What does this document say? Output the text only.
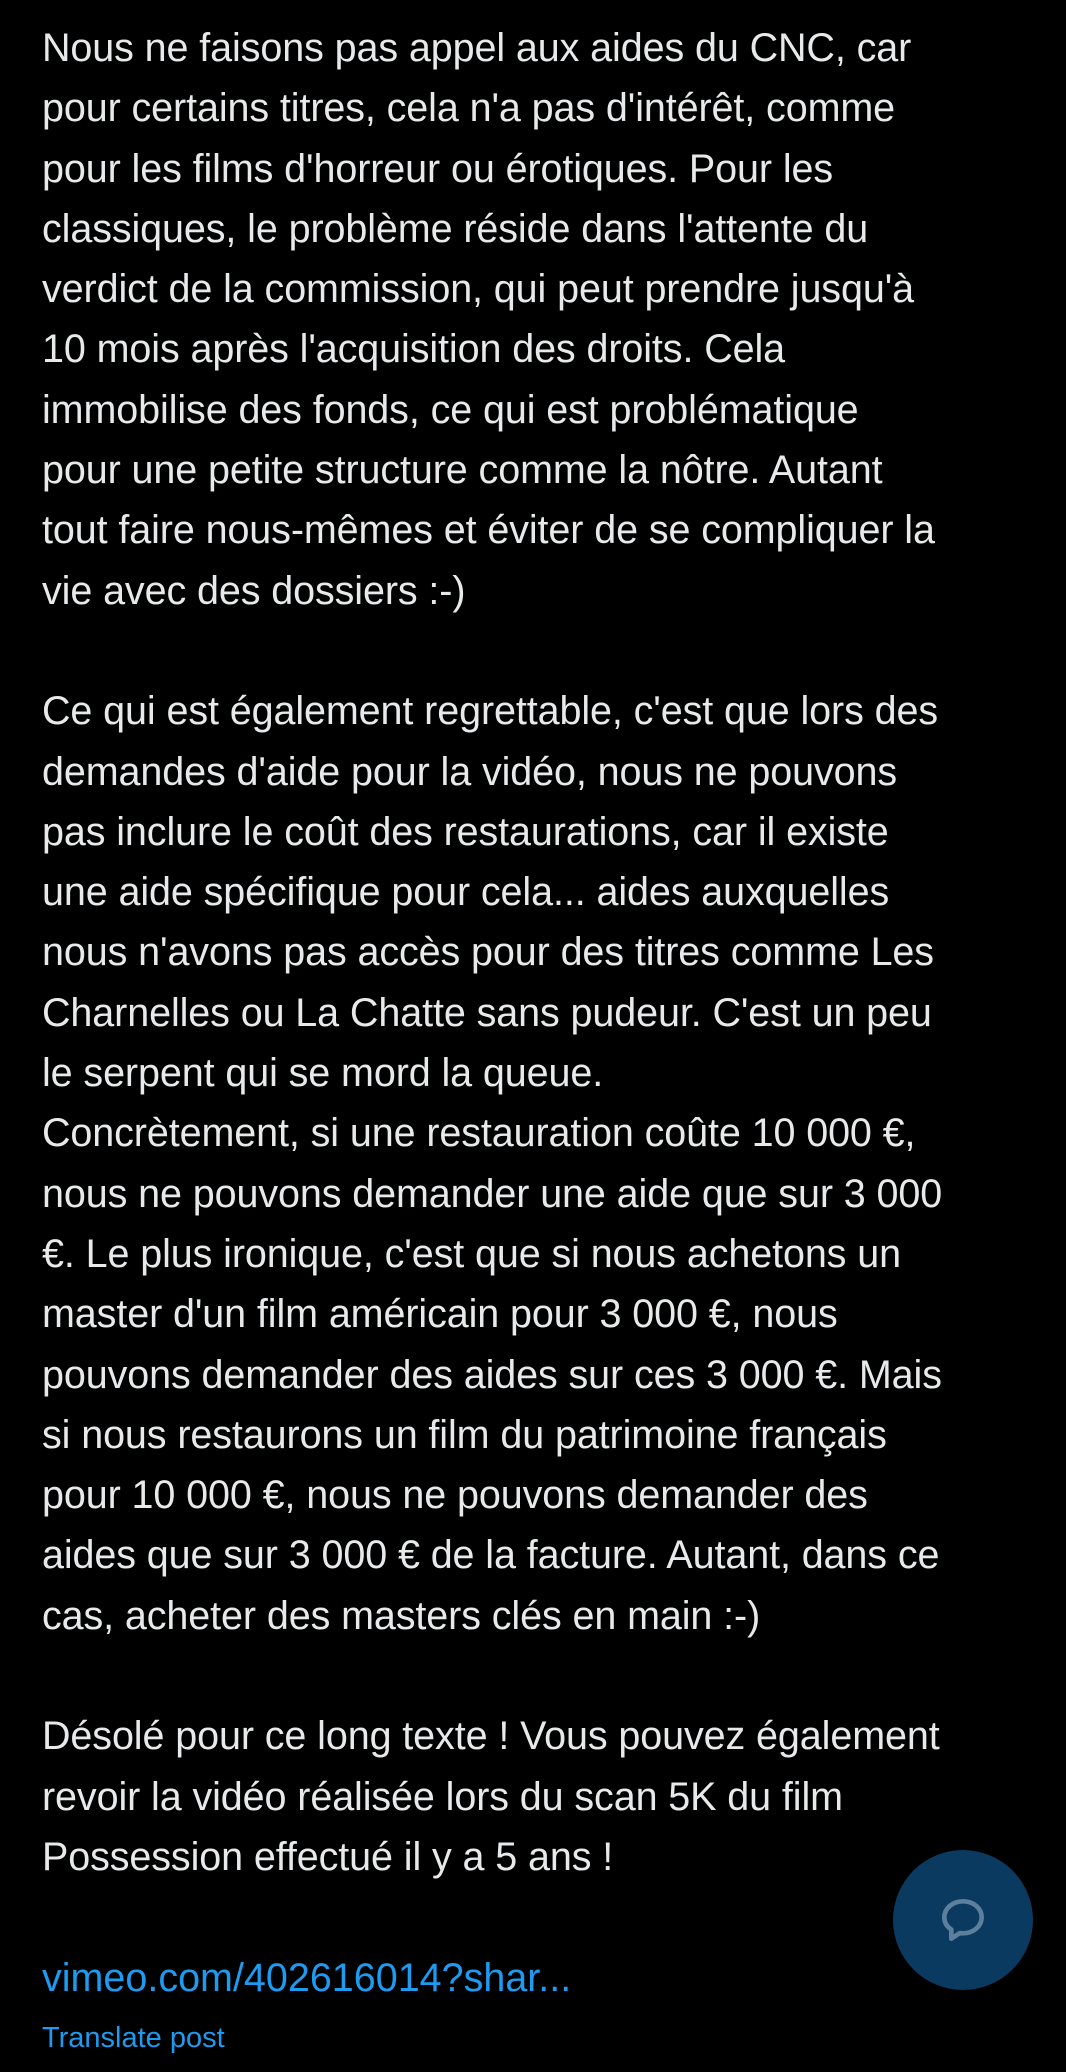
Nous ne faisons pas appel aux aides du CNC, car
pour certains titres, cela n'a pas d'intérêt, comme
pour les films d'horreur ou érotiques. Pour les
classiques, le problème réside dans l'attente du
verdict de la commission, qui peut prendre jusqu'à
10 mois après l'acquisition des droits. Cela
immobilise des fonds, ce qui est problématique
pour une petite structure comme la nôtre. Autant
tout faire nous-mêmes et éviter de se compliquer la
vie avec des dossiers :-)
Ce qui est également regrettable, c'est que lors des
demandes d'aide pour la vidéo, nous ne pouvons
pas inclure le coût des restaurations, car il existe
une aide spécifique pour cela... aides auxquelles
nous n'avons pas accès pour des titres comme Les
Charnelles ou La Chatte sans pudeur. C'est un peu
le serpent qui se mord la queue.
Concrètement, si une restauration coûte 10 000 €,
nous ne pouvons demander une aide que sur 3 000
€. Le plus ironique, c'est que si nous achetons un
master d'un film américain pour 3 000 €, nous
pouvons demander des aides sur ces 3 000 €. Mais
si nous restaurons un film du patrimoine français
pour 10 000 €, nous ne pouvons demander des
aides que sur 3 000 € de la facture. Autant, dans ce
cas, acheter des masters clés en main :-)
Désolé pour ce long texte ! Vous pouvez également
revoir la vidéo réalisée lors du scan 5K du film
Possession effectué il y a 5 ans !
vimeo.com/402616014?shar...
Translate post
